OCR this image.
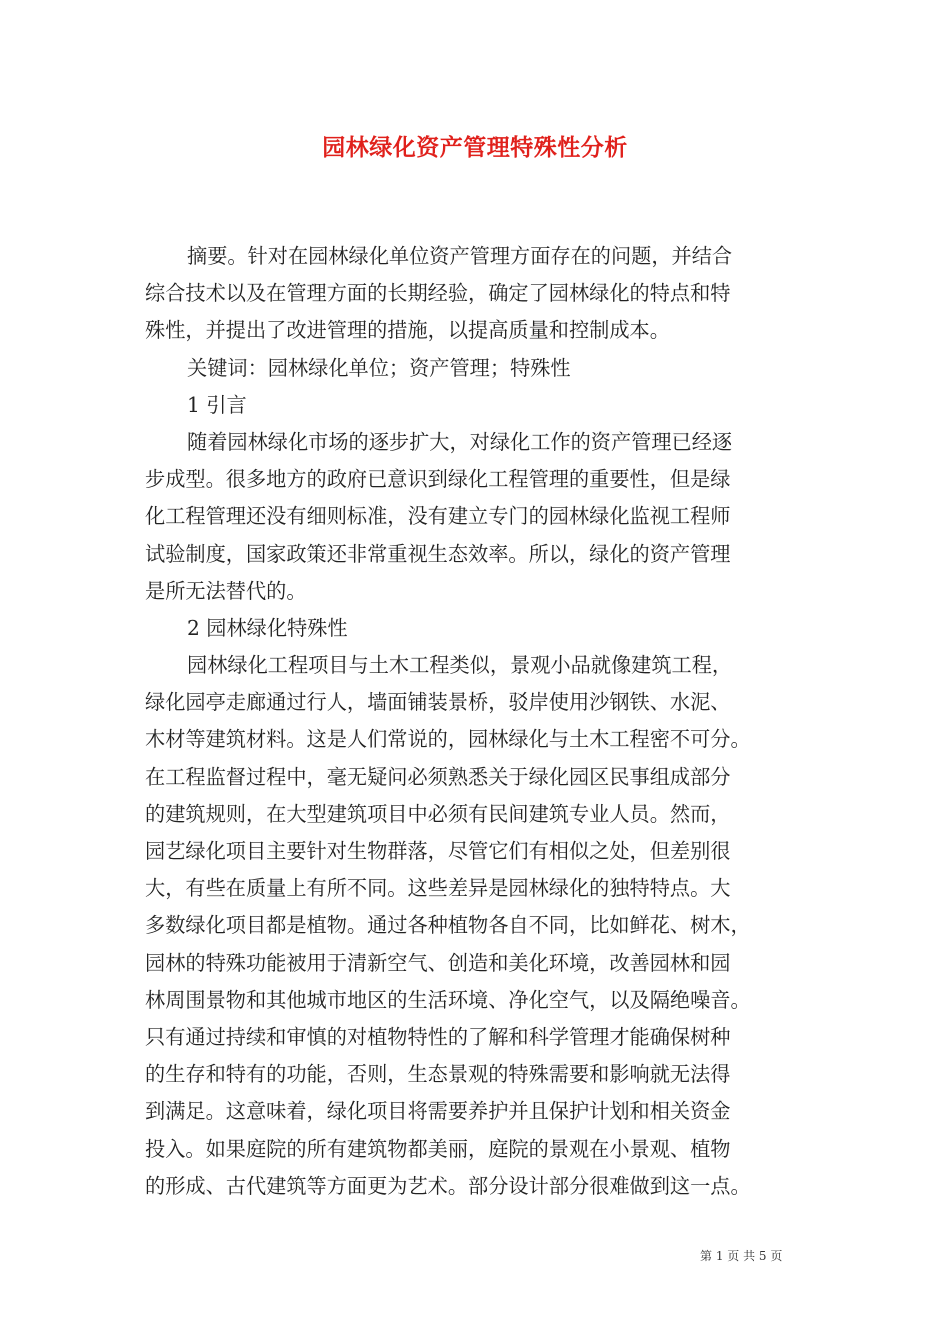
园林绿化资产管理特殊性分析
摘要。针对在园林绿化单位资产管理方面存在的问题，并结合
综合技术以及在管理方面的长期经验，确定了园林绿化的特点和特
殊性，并提出了改进管理的措施，以提高质量和控制成本。
关键词：园林绿化单位；资产管理；特殊性
1 引言
随着园林绿化市场的逐步扩大，对绿化工作的资产管理已经逐
步成型。很多地方的政府已意识到绿化工程管理的重要性，但是绿
化工程管理还没有细则标准，没有建立专门的园林绿化监视工程师
试验制度，国家政策还非常重视生态效率。所以，绿化的资产管理
是所无法替代的。
2 园林绿化特殊性
园林绿化工程项目与土木工程类似，景观小品就像建筑工程，
绿化园亭走廊通过行人，墙面铺装景桥，驳岸使用沙钢铁、水泥、
木材等建筑材料。这是人们常说的，园林绿化与土木工程密不可分。
在工程监督过程中，毫无疑问必须熟悉关于绿化园区民事组成部分
的建筑规则，在大型建筑项目中必须有民间建筑专业人员。然而，
园艺绿化项目主要针对生物群落，尽管它们有相似之处，但差别很
大，有些在质量上有所不同。这些差异是园林绿化的独特特点。大
多数绿化项目都是植物。通过各种植物各自不同，比如鲜花、树木，
园林的特殊功能被用于清新空气、创造和美化环境，改善园林和园
林周围景物和其他城市地区的生活环境、净化空气，以及隔绝噪音。
只有通过持续和审慎的对植物特性的了解和科学管理才能确保树种
的生存和特有的功能，否则，生态景观的特殊需要和影响就无法得
到满足。这意味着，绿化项目将需要养护并且保护计划和相关资金
投入。如果庭院的所有建筑物都美丽，庭院的景观在小景观、植物
的形成、古代建筑等方面更为艺术。部分设计部分很难做到这一点。
第 1 页 共 5 页
